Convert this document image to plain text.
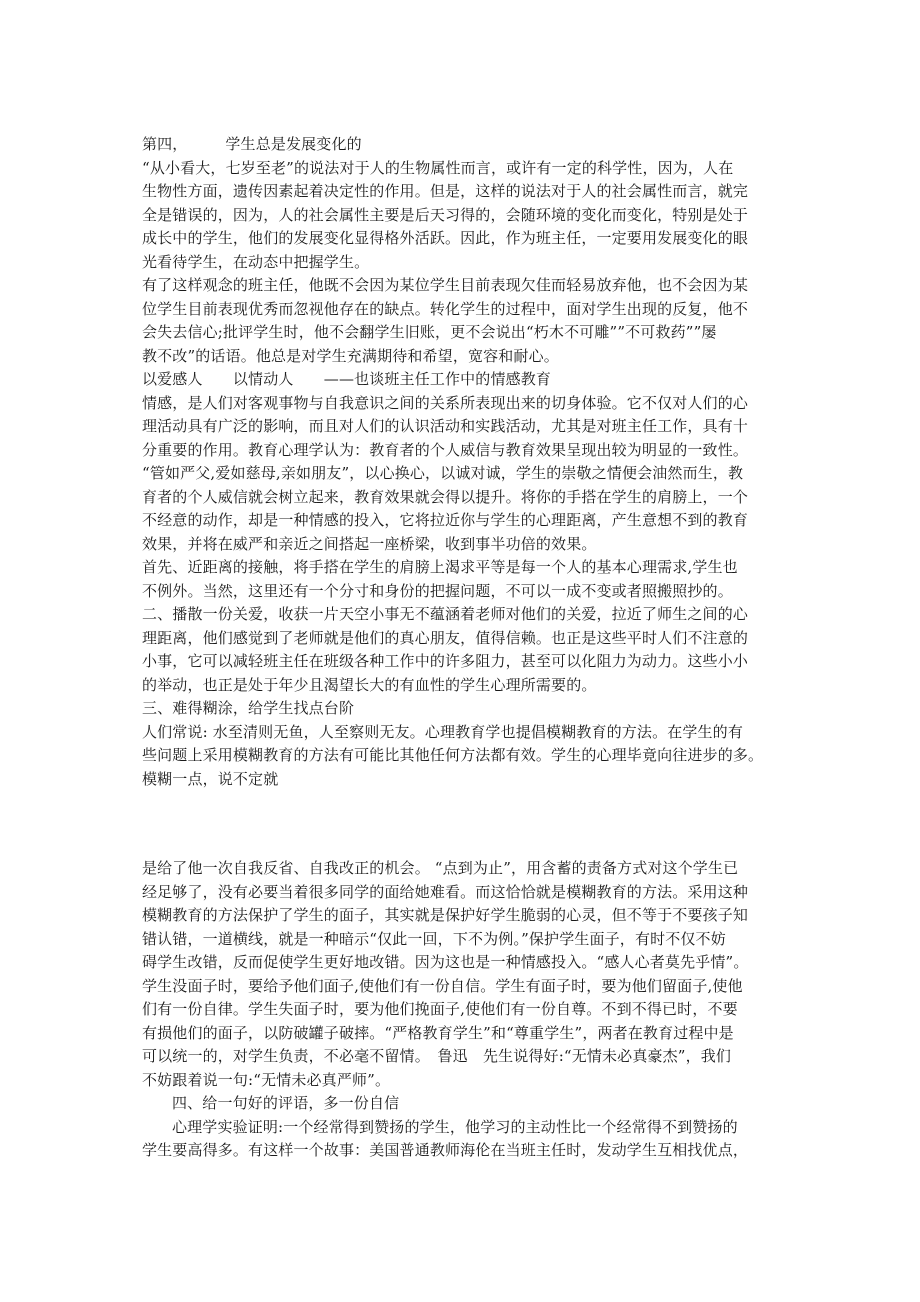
第四，　　　学生总是发展变化的
“从小看大，七岁至老”的说法对于人的生物属性而言，或许有一定的科学性，因为，人在
生物性方面，遗传因素起着决定性的作用。但是，这样的说法对于人的社会属性而言，就完
全是错误的，因为，人的社会属性主要是后天习得的，会随环境的变化而变化，特别是处于
成长中的学生，他们的发展变化显得格外活跃。因此，作为班主任，一定要用发展变化的眼
光看待学生，在动态中把握学生。
有了这样观念的班主任，他既不会因为某位学生目前表现欠佳而轻易放弃他，也不会因为某
位学生目前表现优秀而忽视他存在的缺点。转化学生的过程中，面对学生出现的反复，他不
会失去信心;批评学生时，他不会翻学生旧账，更不会说出“朽木不可雕””不可救药””屡
教不改”的话语。他总是对学生充满期待和希望，宽容和耐心。
以爱感人　　以情动人　　——也谈班主任工作中的情感教育
情感，是人们对客观事物与自我意识之间的关系所表现出来的切身体验。它不仅对人们的心
理活动具有广泛的影响，而且对人们的认识活动和实践活动，尤其是对班主任工作，具有十
分重要的作用。教育心理学认为：教育者的个人威信与教育效果呈现出较为明显的一致性。
“管如严父,爱如慈母,亲如朋友”，以心换心，以诚对诚，学生的崇敬之情便会油然而生，教
育者的个人威信就会树立起来，教育效果就会得以提升。将你的手搭在学生的肩膀上，一个
不经意的动作，却是一种情感的投入，它将拉近你与学生的心理距离，产生意想不到的教育
效果，并将在威严和亲近之间搭起一座桥梁，收到事半功倍的效果。
首先、近距离的接触，将手搭在学生的肩膀上渴求平等是每一个人的基本心理需求,学生也
不例外。当然，这里还有一个分寸和身份的把握问题，不可以一成不变或者照搬照抄的。
二、播散一份关爱，收获一片天空小事无不蕴涵着老师对他们的关爱，拉近了师生之间的心
理距离，他们感觉到了老师就是他们的真心朋友，值得信赖。也正是这些平时人们不注意的
小事，它可以减轻班主任在班级各种工作中的许多阻力，甚至可以化阻力为动力。这些小小
的举动，也正是处于年少且渴望长大的有血性的学生心理所需要的。
三、难得糊涂，给学生找点台阶
人们常说: 水至清则无鱼，人至察则无友。心理教育学也提倡模糊教育的方法。在学生的有
些问题上采用模糊教育的方法有可能比其他任何方法都有效。学生的心理毕竟向往进步的多。
模糊一点，说不定就
是给了他一次自我反省、自我改正的机会。 “点到为止”，用含蓄的责备方式对这个学生已
经足够了，没有必要当着很多同学的面给她难看。而这恰恰就是模糊教育的方法。采用这种
模糊教育的方法保护了学生的面子，其实就是保护好学生脆弱的心灵，但不等于不要孩子知
错认错，一道横线，就是一种暗示“仅此一回，下不为例。”保护学生面子，有时不仅不妨
碍学生改错，反而促使学生更好地改错。因为这也是一种情感投入。“感人心者莫先乎情”。
学生没面子时，要给予他们面子,使他们有一份自信。学生有面子时，要为他们留面子,使他
们有一份自律。学生失面子时，要为他们挽面子,使他们有一份自尊。不到不得已时，不要
有损他们的面子，以防破罐子破摔。“严格教育学生”和“尊重学生”，两者在教育过程中是
可以统一的，对学生负责，不必毫不留情。　鲁迅　先生说得好:“无情未必真豪杰”，我们
不妨跟着说一句:“无情未必真严师”。
四、给一句好的评语，多一份自信
心理学实验证明:一个经常得到赞扬的学生，他学习的主动性比一个经常得不到赞扬的
学生要高得多。有这样一个故事：美国普通教师海伦在当班主任时，发动学生互相找优点，
